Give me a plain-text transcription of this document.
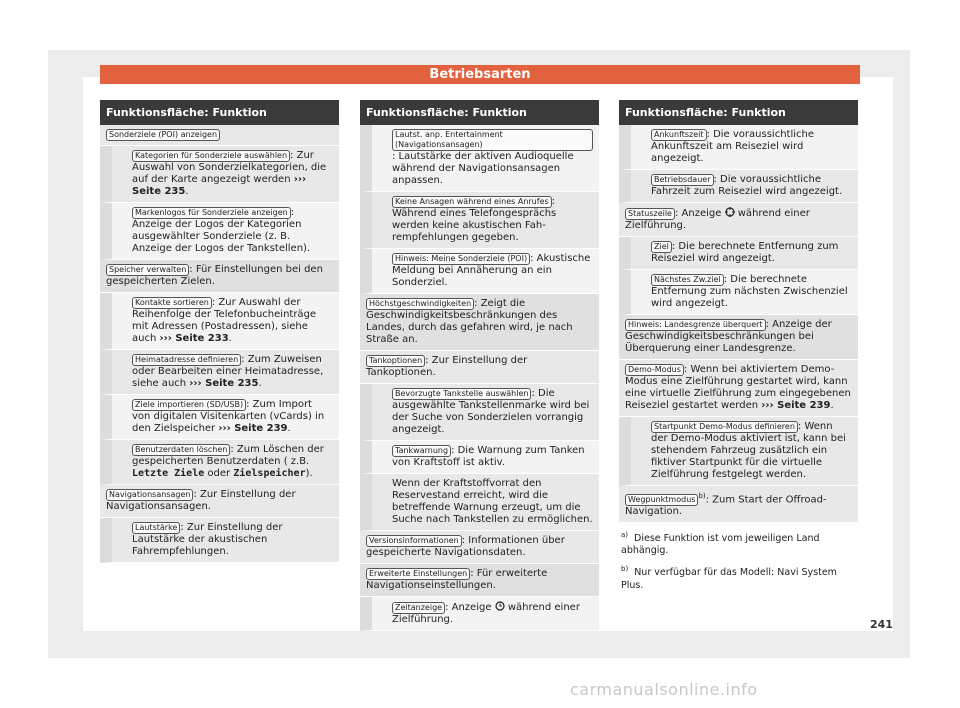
Betriebsarten
Funktionsfläche: Funktion
Sonderziele (POI) anzeigen
Kategorien für Sonderziele auswählen : Zur Auswahl von Sonderzielkategorien, die auf der Karte angezeigt werden ››› Seite 235.
Markenlogos für Sonderziele anzeigen : Anzeige der Logos der Kategorien ausgewählter Sonderziele (z. B. Anzeige der Logos der Tankstellen).
Speicher verwalten : Für Einstellungen bei den gespeicherten Zielen.
Kontakte sortieren : Zur Auswahl der Reihenfolge der Telefonbucheinträge mit Adressen (Postadressen), siehe auch ››› Seite 233.
Heimatadresse definieren : Zum Zuweisen oder Bearbeiten einer Heimatadresse, siehe auch ››› Seite 235.
Ziele importieren (SD/USB) : Zum Import von digitalen Visitenkarten (vCards) in den Zielspeicher ››› Seite 239.
Benutzerdaten löschen : Zum Löschen der gespeicherten Benutzerdaten ( z.B. Letzte Ziele oder Zielspeicher).
Navigationsansagen : Zur Einstellung der Navigationsansagen.
Lautstärke : Zur Einstellung der Lautstärke der akustischen Fahrempfehlungen.
Funktionsfläche: Funktion
Lautst. anp. Entertainment (Navigationsansagen): Lautstärke der aktiven Audioquelle während der Navigationsansagen anpassen.
Keine Ansagen während eines Anrufes : Während eines Telefongesprächs werden keine akustischen Fahrempfehlungen gegeben.
Hinweis: Meine Sonderziele (POI) : Akustische Meldung bei Annäherung an ein Sonderziel.
Höchstgeschwindigkeiten : Zeigt die Geschwindigkeitsbeschränkungen des Landes, durch das gefahren wird, je nach Straße an.
Tankoptionen : Zur Einstellung der Tankoptionen.
Bevorzugte Tankstelle auswählen : Die ausgewählte Tankstellenmarke wird bei der Suche von Sonderzielen vorrangig angezeigt.
Tankwarnung : Die Warnung zum Tanken von Kraftstoff ist aktiv.
Wenn der Kraftstoffvorrat den Reservestand erreicht, wird die betreffende Warnung erzeugt, um die Suche nach Tankstellen zu ermöglichen.
Versionsinformationen : Informationen über gespeicherte Navigationsdaten.
Erweiterte Einstellungen : Für erweiterte Navigationseinstellungen.
Zeitanzeige : Anzeige  während einer Zielführung.
Funktionsfläche: Funktion
Ankunftszeit : Die voraussichtliche Ankunftszeit am Reiseziel wird angezeigt.
Betriebsdauer : Die voraussichtliche Fahrzeit zum Reiseziel wird angezeigt.
Statuszeile : Anzeige  während einer Zielführung.
Ziel : Die berechnete Entfernung zum Reiseziel wird angezeigt.
Nächstes Zw.ziel : Die berechnete Entfernung zum nächsten Zwischenziel wird angezeigt.
Hinweis: Landesgrenze überquert : Anzeige der Geschwindigkeitsbeschränkungen bei Überquerung einer Landesgrenze.
Demo-Modus : Wenn bei aktiviertem Demo-Modus eine Zielführung gestartet wird, kann eine virtuelle Zielführung zum eingegebenen Reiseziel gestartet werden ››› Seite 239.
Startpunkt Demo-Modus definieren : Wenn der Demo-Modus aktiviert ist, kann bei stehendem Fahrzeug zusätzlich ein fiktiver Startpunkt für die virtuelle Zielführung festgelegt werden.
Wegpunktmodus $^{b)}$: Zum Start der Offroad-Navigation.
$^{a)}$ Diese Funktion ist vom jeweiligen Land abhängig.
$^{b)}$ Nur verfügbar für das Modell: Navi System Plus.
241
carmanualsonline.info
